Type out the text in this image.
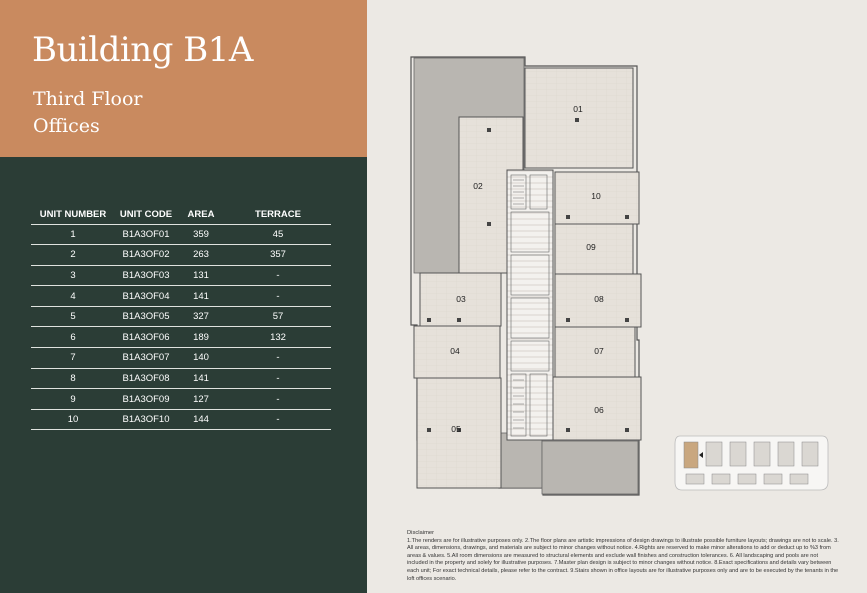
Building B1A
Third Floor
Offices
UNIT NUMBER	UNIT CODE	AREA	TERRACE
1	B1A3OF01	359	45
2	B1A3OF02	263	357
3	B1A3OF03	131	-
4	B1A3OF04	141	-
5	B1A3OF05	327	57
6	B1A3OF06	189	132
7	B1A3OF07	140	-
8	B1A3OF08	141	-
9	B1A3OF09	127	-
10	B1A3OF10	144	-
01
02
03
04
05
06
07
08
09
10
Disclaimer
1.The renders are for illustrative purposes only. 2.The floor plans are artistic impressions of design drawings to illustrate possible furniture layouts; drawings are not to scale. 3. All areas, dimensions, drawings, and materials are subject to minor changes without notice. 4.Rights are reserved to make minor alterations to add or deduct up to %3 from areas & values. 5.All room dimensions are measured to structural elements and exclude wall finishes and construction tolerances. 6. All landscaping and pools are not included in the property and solely for illustrative purposes. 7.Master plan design is subject to minor changes without notice. 8.Exact specifications and details vary between each unit; For exact technical details, please refer to the contract. 9.Stairs shown in office layouts are for illustrative purposes only and are to be executed by the tenants in the loft offices scenario.
